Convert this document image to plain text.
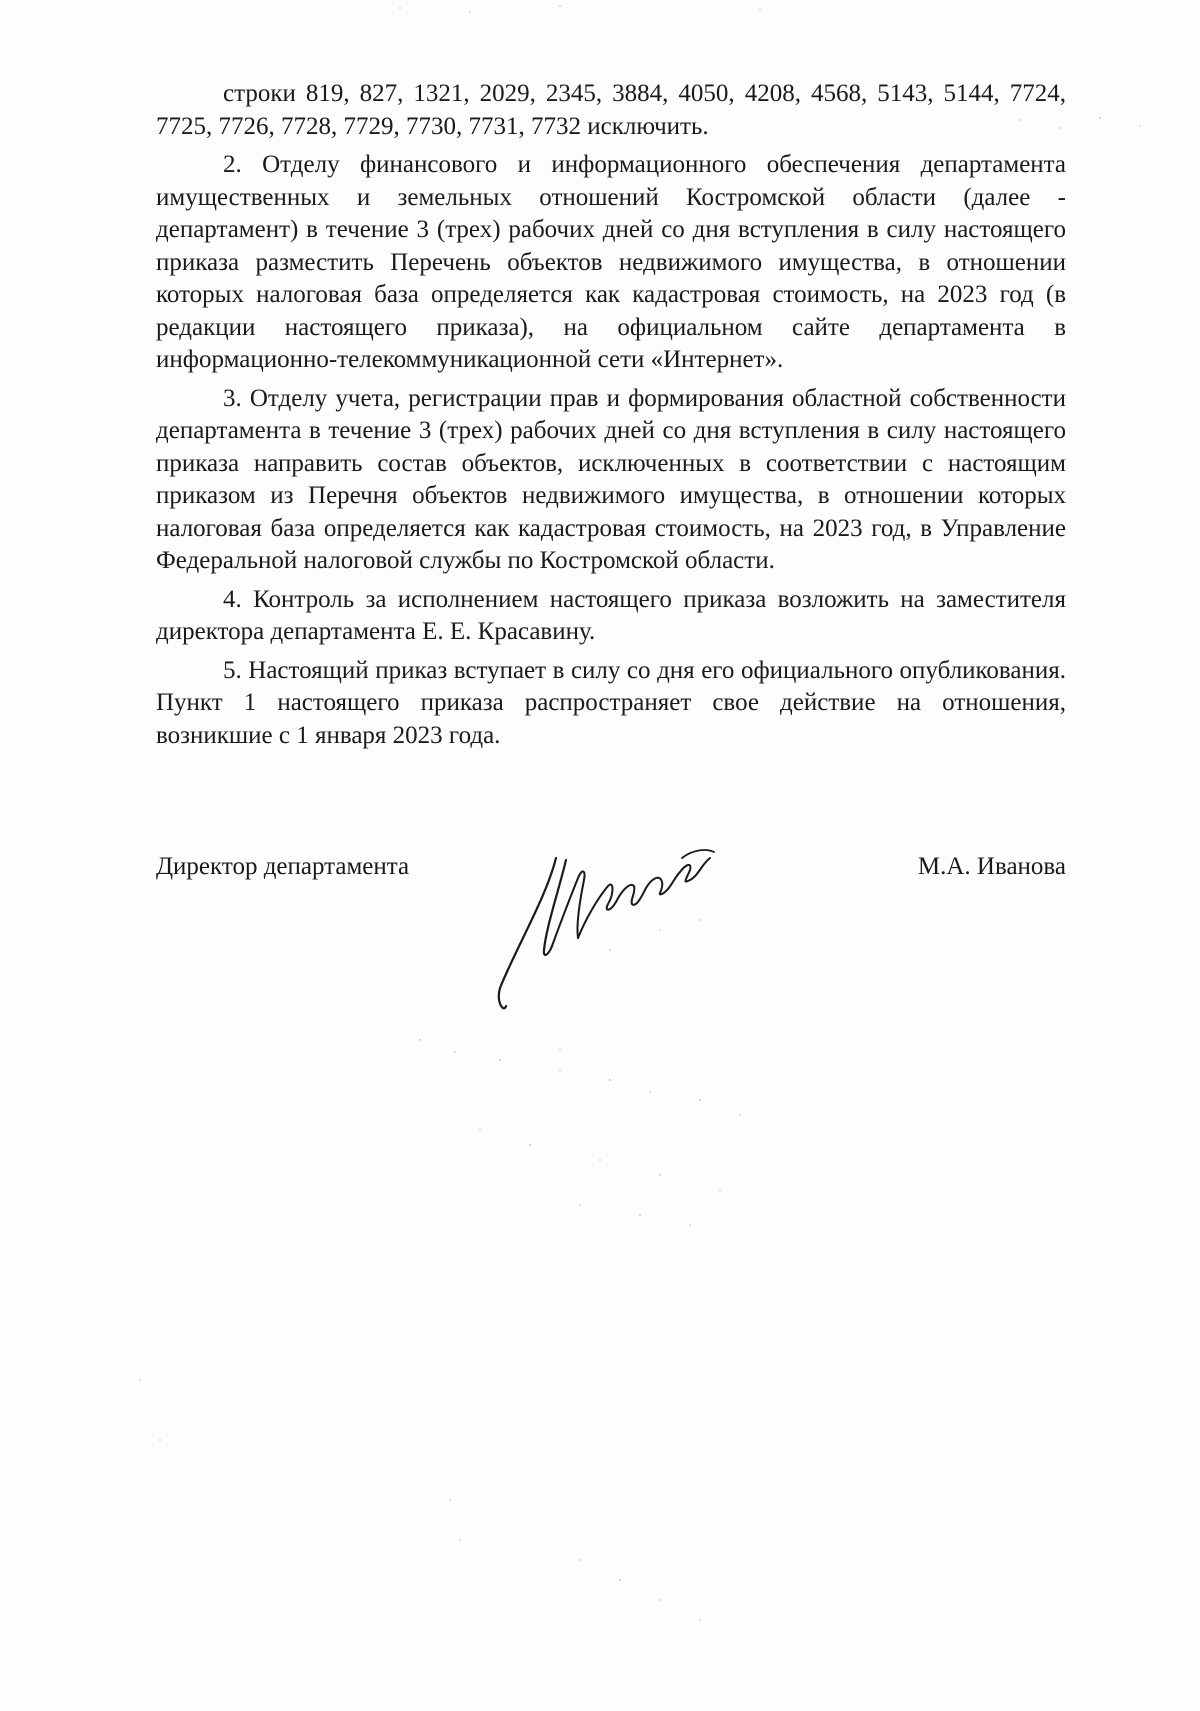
строки 819, 827, 1321, 2029, 2345, 3884, 4050, 4208, 4568, 5143, 5144, 7724, 7725, 7726, 7728, 7729, 7730, 7731, 7732 исключить.

2. Отделу финансового и информационного обеспечения департамента имущественных и земельных отношений Костромской области (далее - департамент) в течение 3 (трех) рабочих дней со дня вступления в силу настоящего приказа разместить Перечень объектов недвижимого имущества, в отношении которых налоговая база определяется как кадастровая стоимость, на 2023 год (в редакции настоящего приказа), на официальном сайте департамента в информационно-телекоммуникационной сети «Интернет».

3. Отделу учета, регистрации прав и формирования областной собственности департамента в течение 3 (трех) рабочих дней со дня вступления в силу настоящего приказа направить состав объектов, исключенных в соответствии с настоящим приказом из Перечня объектов недвижимого имущества, в отношении которых налоговая база определяется как кадастровая стоимость, на 2023 год, в Управление Федеральной налоговой службы по Костромской области.

4. Контроль за исполнением настоящего приказа возложить на заместителя директора департамента Е. Е. Красавину.

5. Настоящий приказ вступает в силу со дня его официального опубликования. Пункт 1 настоящего приказа распространяет свое действие на отношения, возникшие с 1 января 2023 года.

Директор департамента	М.А. Иванова
